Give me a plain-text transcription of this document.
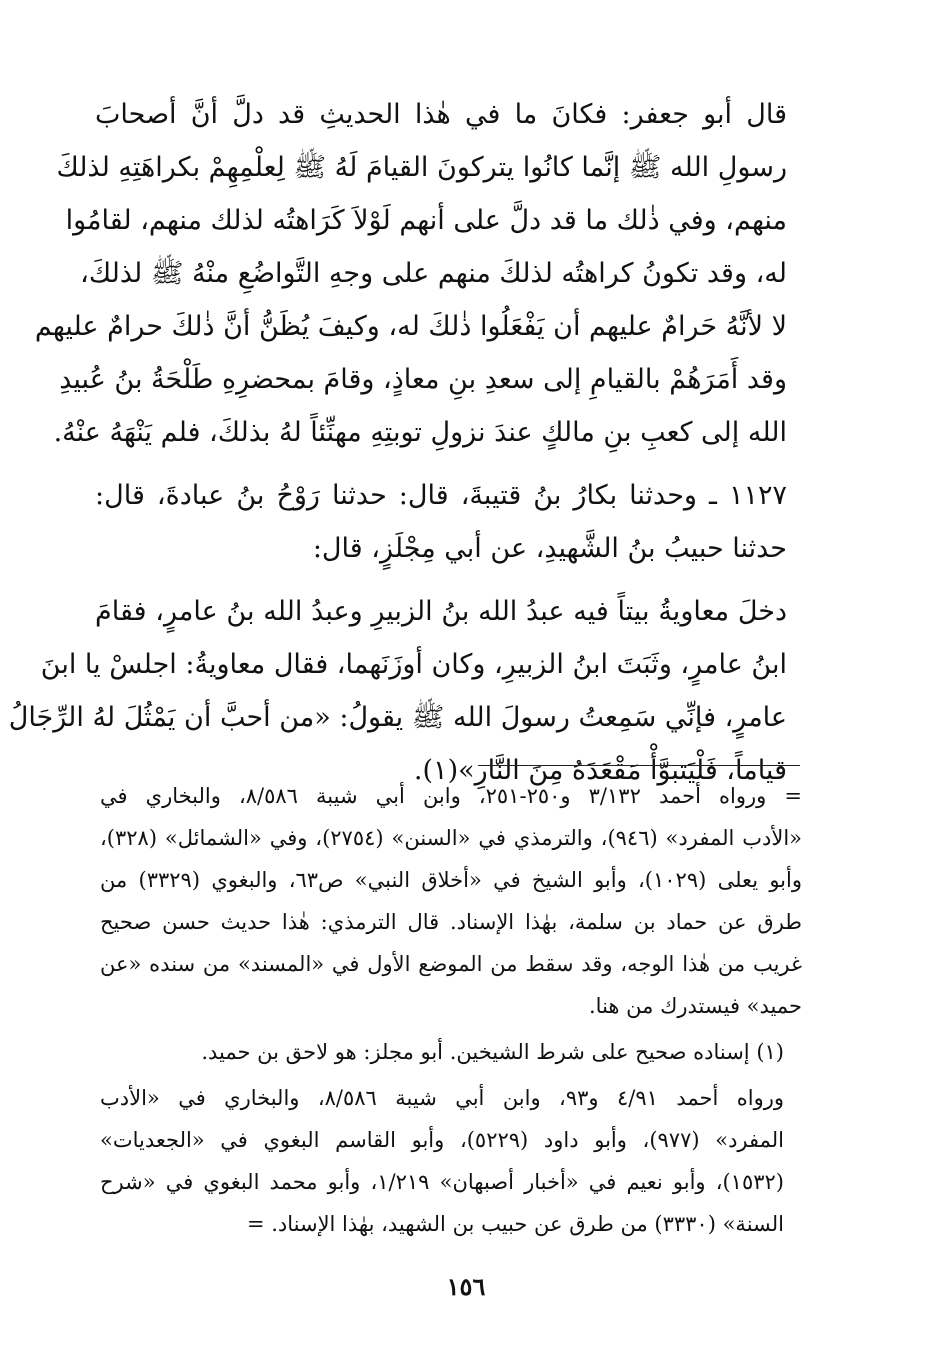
قال أبو جعفر: فكانَ ما في هٰذا الحديثِ قد دلَّ أنَّ أصحابَ
رسولِ الله ﷺ إنَّما كانُوا يتركونَ القيامَ لَهُ ﷺ لِعلْمِهِمْ بكراهَتِهِ لذلكَ
منهم، وفي ذٰلك ما قد دلَّ على أنهم لَوْلاَ كَرَاهتُه لذلك منهم، لقامُوا
له، وقد تكونُ كراهتُه لذلكَ منهم على وجهِ التَّواضُعِ منْهُ ﷺ لذلكَ،
لا لأنَّهُ حَرامٌ عليهم أن يَفْعَلُوا ذٰلكَ له، وكيفَ يُظَنُّ أنَّ ذٰلكَ حرامٌ عليهم
وقد أَمَرَهُمْ بالقيامِ إلى سعدِ بنِ معاذٍ، وقامَ بمحضرِهِ طَلْحَةُ بنُ عُبيدِ
الله إلى كعبِ بنِ مالكٍ عندَ نزولِ توبتِهِ مهنِّئاً لهُ بذلكَ، فلم يَنْهَهُ عنْهُ.
١١٢٧ ـ وحدثنا بكارُ بنُ قتيبةَ، قال: حدثنا رَوْحُ بنُ عبادةَ، قال:
حدثنا حبيبُ بنُ الشَّهيدِ، عن أبي مِجْلَزٍ، قال:
دخلَ معاويةُ بيتاً فيه عبدُ الله بنُ الزبيرِ وعبدُ الله بنُ عامرٍ، فقامَ
ابنُ عامرٍ، وثَبَتَ ابنُ الزبيرِ، وكان أوزَنَهما، فقال معاويةُ: اجلسْ يا ابنَ
عامرٍ، فإنِّي سَمِعتُ رسولَ الله ﷺ يقولُ: «من أحبَّ أن يَمْثُلَ لهُ الرِّجَالُ
قياماً، فَلْيَتبوَّأْ مَقْعَدَهُ مِنَ النَّارِ»(١).
= ورواه أحمد ٣/١٣٢ و٢٥٠-٢٥١، وابن أبي شيبة ٨/٥٨٦، والبخاري في
«الأدب المفرد» (٩٤٦)، والترمذي في «السنن» (٢٧٥٤)، وفي «الشمائل» (٣٢٨)،
وأبو يعلى (١٠٢٩)، وأبو الشيخ في «أخلاق النبي» ص٦٣، والبغوي (٣٣٢٩) من
طرق عن حماد بن سلمة، بهٰذا الإسناد. قال الترمذي: هٰذا حديث حسن صحيح
غريب من هٰذا الوجه، وقد سقط من الموضع الأول في «المسند» من سنده «عن
حميد» فيستدرك من هنا.
(١) إسناده صحيح على شرط الشيخين. أبو مجلز: هو لاحق بن حميد.
ورواه أحمد ٤/٩١ و٩٣، وابن أبي شيبة ٨/٥٨٦، والبخاري في «الأدب
المفرد» (٩٧٧)، وأبو داود (٥٢٢٩)، وأبو القاسم البغوي في «الجعديات»
(١٥٣٢)، وأبو نعيم في «أخبار أصبهان» ١/٢١٩، وأبو محمد البغوي في «شرح
السنة» (٣٣٣٠) من طرق عن حبيب بن الشهيد، بهٰذا الإسناد. =
١٥٦
